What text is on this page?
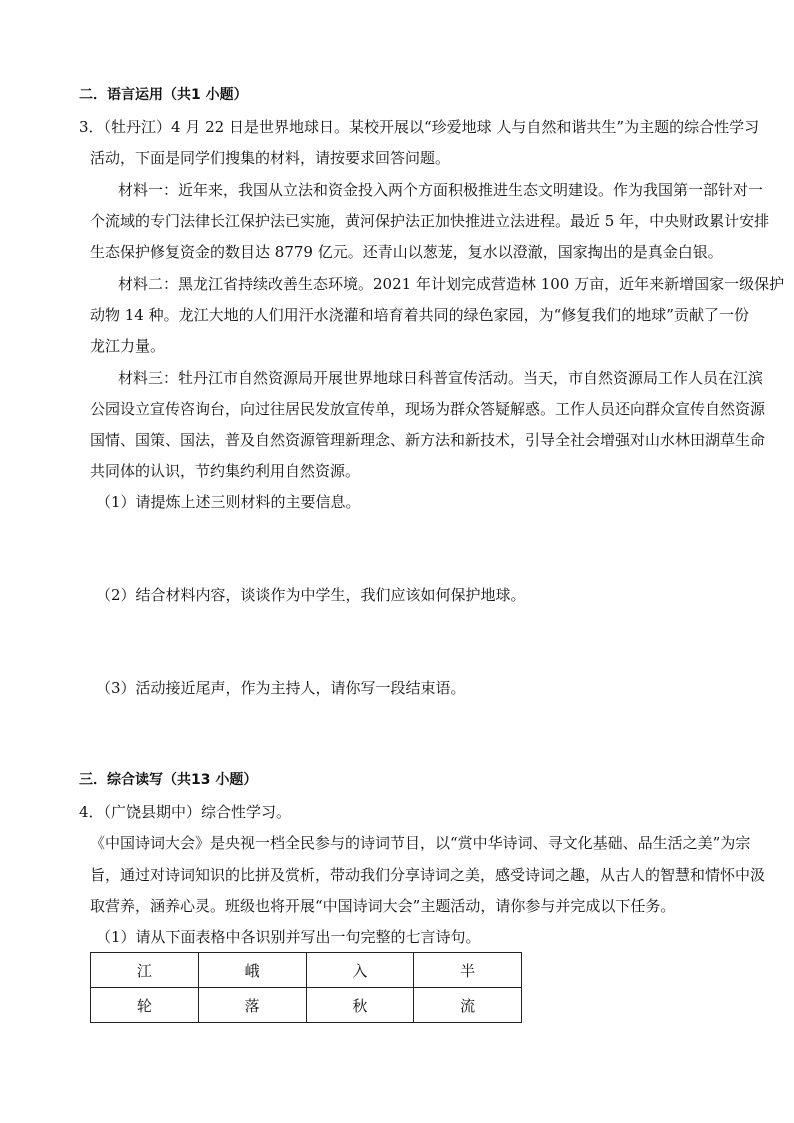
二．语言运用（共1 小题）
3．（牡丹江）4 月 22 日是世界地球日。某校开展以“珍爱地球 人与自然和谐共生”为主题的综合性学习
活动，下面是同学们搜集的材料，请按要求回答问题。
材料一：近年来，我国从立法和资金投入两个方面积极推进生态文明建设。作为我国第一部针对一
个流域的专门法律长江保护法已实施，黄河保护法正加快推进立法进程。最近 5 年，中央财政累计安排
生态保护修复资金的数目达 8779 亿元。还青山以葱茏，复水以澄澈，国家掏出的是真金白银。
材料二：黑龙江省持续改善生态环境。2021 年计划完成营造林 100 万亩，近年来新增国家一级保护
动物 14 种。龙江大地的人们用汗水浇灌和培育着共同的绿色家园，为“修复我们的地球”贡献了一份
龙江力量。
材料三：牡丹江市自然资源局开展世界地球日科普宣传活动。当天，市自然资源局工作人员在江滨
公园设立宣传咨询台，向过往居民发放宣传单，现场为群众答疑解惑。工作人员还向群众宣传自然资源
国情、国策、国法，普及自然资源管理新理念、新方法和新技术，引导全社会增强对山水林田湖草生命
共同体的认识，节约集约利用自然资源。
（1）请提炼上述三则材料的主要信息。
（2）结合材料内容，谈谈作为中学生，我们应该如何保护地球。
（3）活动接近尾声，作为主持人，请你写一段结束语。
三．综合读写（共13 小题）
4．（广饶县期中）综合性学习。
《中国诗词大会》是央视一档全民参与的诗词节目，以“赏中华诗词、寻文化基础、品生活之美”为宗
旨，通过对诗词知识的比拼及赏析，带动我们分享诗词之美，感受诗词之趣，从古人的智慧和情怀中汲
取营养，涵养心灵。班级也将开展“中国诗词大会”主题活动，请你参与并完成以下任务。
（1）请从下面表格中各识别并写出一句完整的七言诗句。
江	峨	入	半
轮	落	秋	流
